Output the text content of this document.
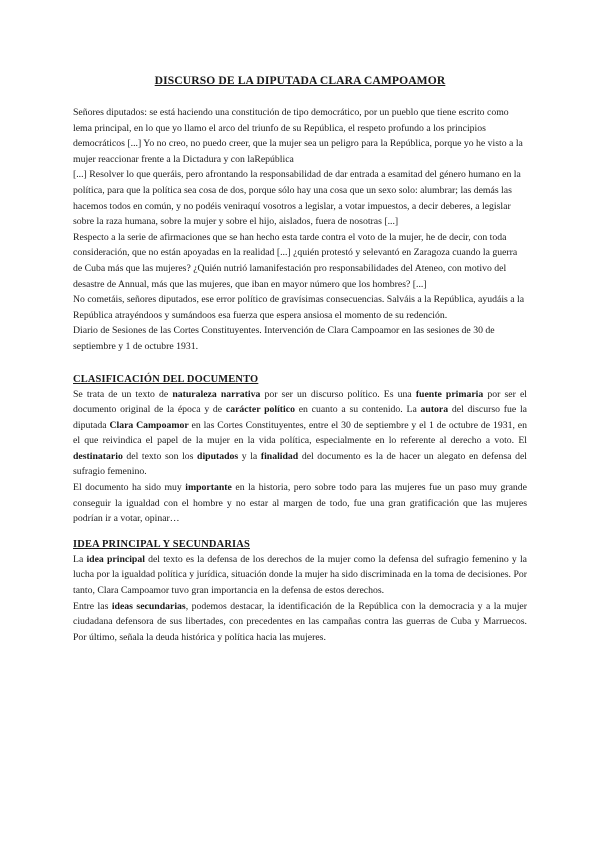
DISCURSO DE LA DIPUTADA CLARA CAMPOAMOR

Señores diputados: se está haciendo una constitución de tipo democrático, por un pueblo que tiene escrito como lema principal, en lo que yo llamo el arco del triunfo de su República, el respeto profundo a los principios democráticos [...] Yo no creo, no puedo creer, que la mujer sea un peligro para la República, porque yo he visto a la mujer reaccionar frente a la Dictadura y con laRepública

[...] Resolver lo que queráis, pero afrontando la responsabilidad de dar entrada a esamitad del género humano en la política, para que la política sea cosa de dos, porque sólo hay una cosa que un sexo solo: alumbrar; las demás las hacemos todos en común, y no podéis veniraquí vosotros a legislar, a votar impuestos, a decir deberes, a legislar sobre la raza humana, sobre la mujer y sobre el hijo, aislados, fuera de nosotras [...]

Respecto a la serie de afirmaciones que se han hecho esta tarde contra el voto de la mujer, he de decir, con toda consideración, que no están apoyadas en la realidad [...] ¿quién protestó y selevantó en Zaragoza cuando la guerra de Cuba más que las mujeres? ¿Quién nutrió lamanifestación pro responsabilidades del Ateneo, con motivo del desastre de Annual, más que las mujeres, que iban en mayor número que los hombres? [...]

No cometáis, señores diputados, ese error político de gravísimas consecuencias. Salváis a la República, ayudáis a la República atrayéndoos y sumándoos esa fuerza que espera ansiosa el momento de su redención.

Diario de Sesiones de las Cortes Constituyentes. Intervención de Clara Campoamor en las sesiones de 30 de septiembre y 1 de octubre 1931.

CLASIFICACIÓN DEL DOCUMENTO

Se trata de un texto de naturaleza narrativa por ser un discurso político. Es una fuente primaria por ser el documento original de la época y de carácter político en cuanto a su contenido. La autora del discurso fue la diputada Clara Campoamor en las Cortes Constituyentes, entre el 30 de septiembre y el 1 de octubre de 1931, en el que reivindica el papel de la mujer en la vida política, especialmente en lo referente al derecho a voto. El destinatario del texto son los diputados y la finalidad del documento es la de hacer un alegato en defensa del sufragio femenino.

El documento ha sido muy importante en la historia, pero sobre todo para las mujeres fue un paso muy grande conseguir la igualdad con el hombre y no estar al margen de todo, fue una gran gratificación que las mujeres podrían ir a votar, opinar…

IDEA PRINCIPAL Y SECUNDARIAS

La idea principal del texto es la defensa de los derechos de la mujer como la defensa del sufragio femenino y la lucha por la igualdad política y jurídica, situación donde la mujer ha sido discriminada en la toma de decisiones. Por tanto, Clara Campoamor tuvo gran importancia en la defensa de estos derechos.

Entre las ideas secundarias, podemos destacar, la identificación de la República con la democracia y a la mujer ciudadana defensora de sus libertades, con precedentes en las campañas contra las guerras de Cuba y Marruecos. Por último, señala la deuda histórica y política hacia las mujeres.
